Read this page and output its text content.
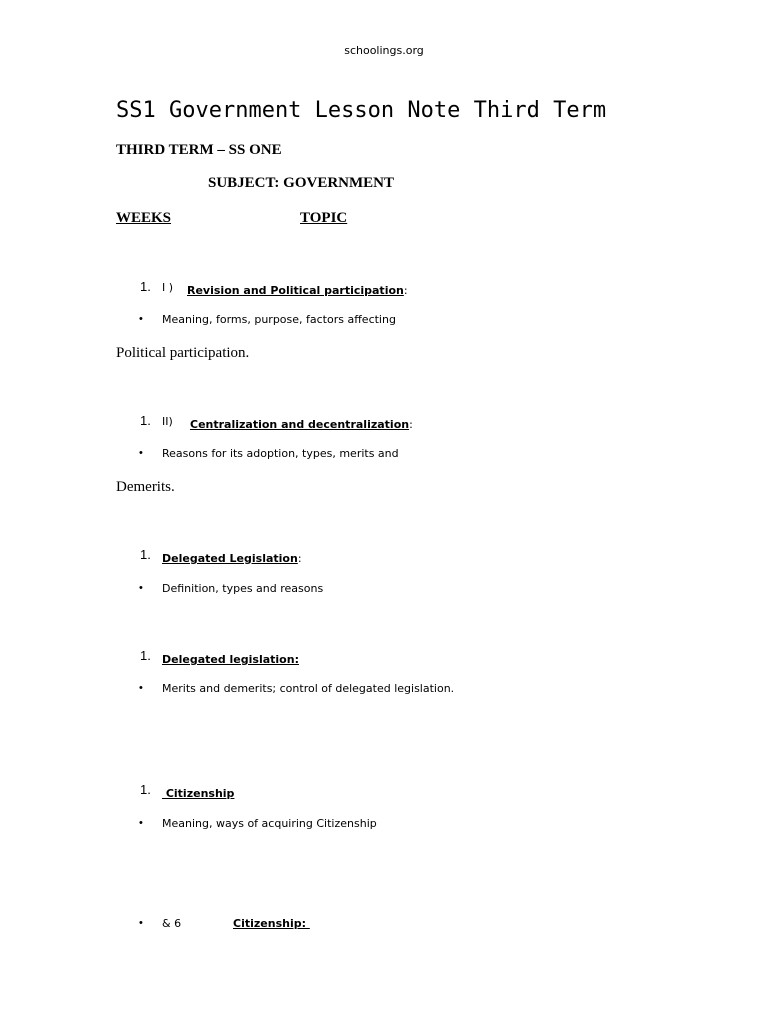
schoolings.org
SS1 Government Lesson Note Third Term
THIRD TERM – SS ONE
SUBJECT: GOVERNMENT
WEEKS	TOPIC
1. I ) Revision and Political participation:
• Meaning, forms, purpose, factors affecting
Political participation.
1. II) Centralization and decentralization:
• Reasons for its adoption, types, merits and
Demerits.
1. Delegated Legislation:
• Definition, types and reasons
1. Delegated legislation:
• Merits and demerits; control of delegated legislation.
1. Citizenship
• Meaning, ways of acquiring Citizenship
• & 6	Citizenship:
